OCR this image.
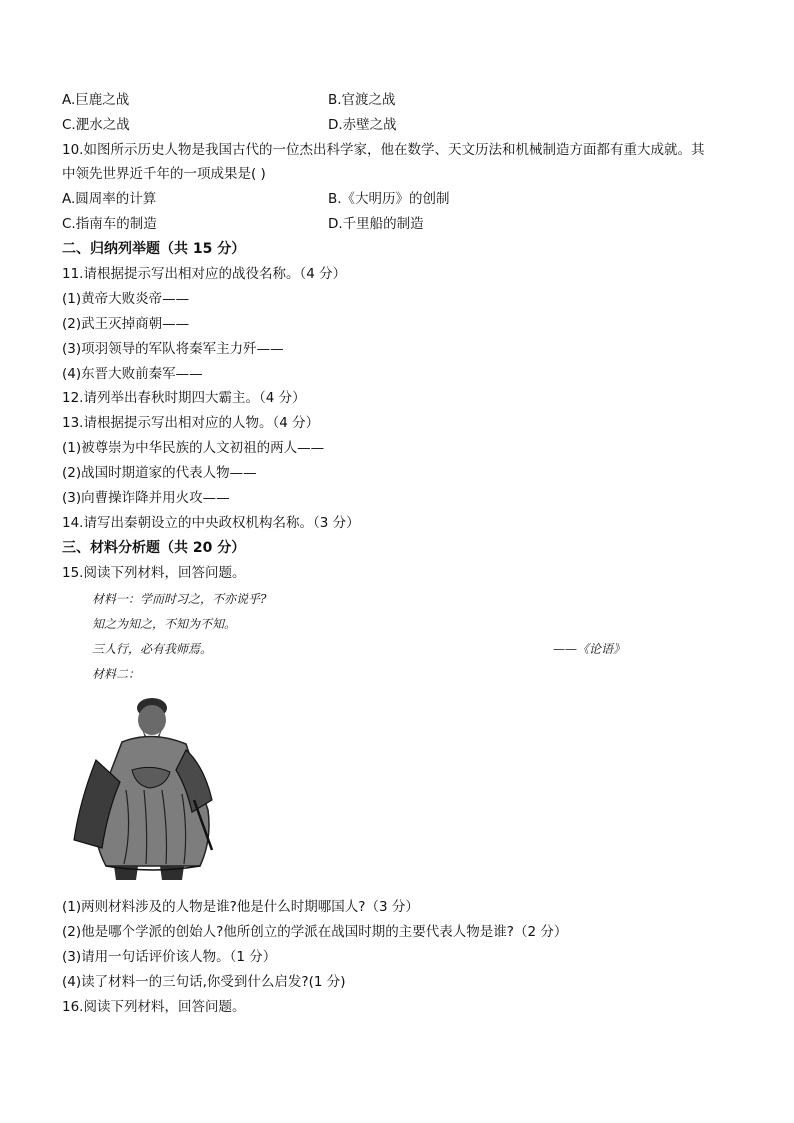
A.巨鹿之战	B.官渡之战
C.淝水之战	D.赤壁之战
10.如图所示历史人物是我国古代的一位杰出科学家，他在数学、天文历法和机械制造方面都有重大成就。其
中领先世界近千年的一项成果是( )
A.圆周率的计算	B.《大明历》的创制
C.指南车的制造	D.千里船的制造
二、归纳列举题（共 15 分）
11.请根据提示写出相对应的战役名称。（4 分）
(1)黄帝大败炎帝——
(2)武王灭掉商朝——
(3)项羽领导的军队将秦军主力歼——
(4)东晋大败前秦军——
12.请列举出春秋时期四大霸主。（4 分）
13.请根据提示写出相对应的人物。（4 分）
(1)被尊崇为中华民族的人文初祖的两人——
(2)战国时期道家的代表人物——
(3)向曹操诈降并用火攻——
14.请写出秦朝设立的中央政权机构名称。（3 分）
三、材料分析题（共 20 分）
15.阅读下列材料，回答问题。
材料一：学而时习之，不亦说乎?
知之为知之，不知为不知。
三人行，必有我师焉。	——《论语》
材料二：
(1)两则材料涉及的人物是谁?他是什么时期哪国人?（3 分）
(2)他是哪个学派的创始人?他所创立的学派在战国时期的主要代表人物是谁?（2 分）
(3)请用一句话评价该人物。（1 分）
(4)读了材料一的三句话,你受到什么启发?(1 分)
16.阅读下列材料，回答问题。
